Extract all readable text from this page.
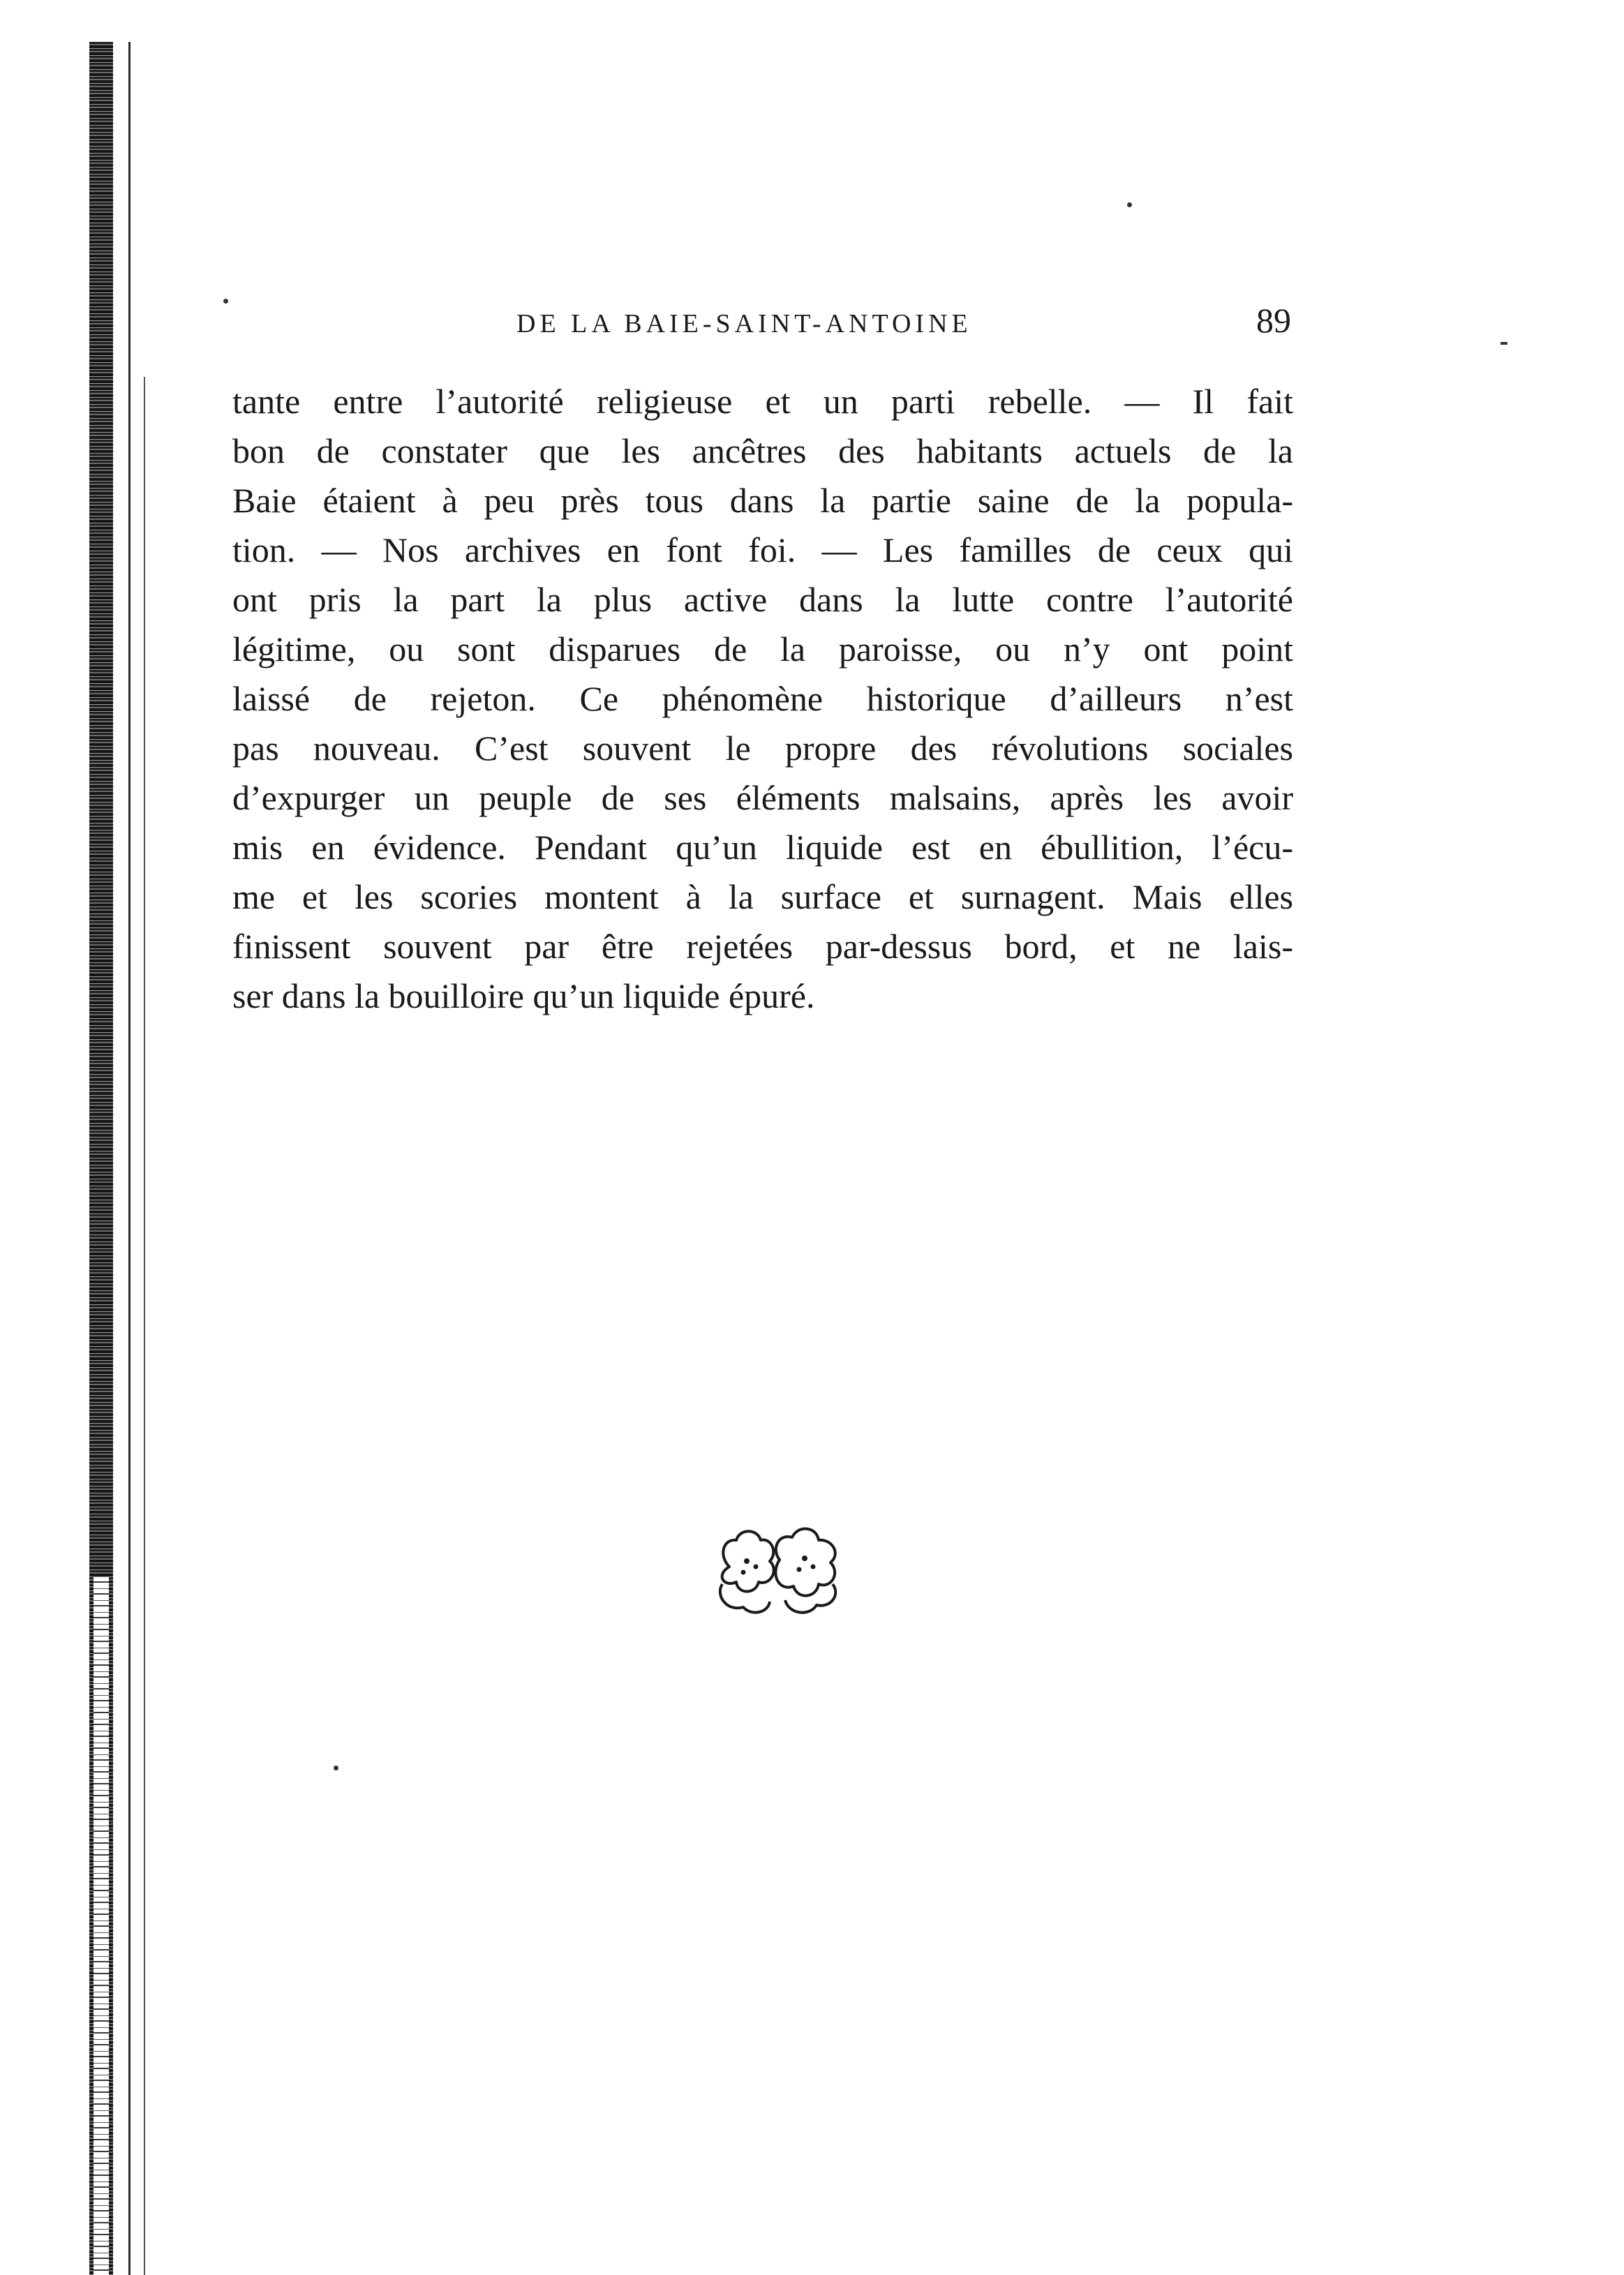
DE LA BAIE-SAINT-ANTOINE	89
tante entre l’autorité religieuse et un parti rebelle. — Il fait
bon de constater que les ancêtres des habitants actuels de la
Baie étaient à peu près tous dans la partie saine de la popula-
tion. — Nos archives en font foi. — Les familles de ceux qui
ont pris la part la plus active dans la lutte contre l’autorité
légitime, ou sont disparues de la paroisse, ou n’y ont point
laissé de rejeton. Ce phénomène historique d’ailleurs n’est
pas nouveau. C’est souvent le propre des révolutions sociales
d’expurger un peuple de ses éléments malsains, après les avoir
mis en évidence. Pendant qu’un liquide est en ébullition, l’écu-
me et les scories montent à la surface et surnagent. Mais elles
finissent souvent par être rejetées par-dessus bord, et ne lais-
ser dans la bouilloire qu’un liquide épuré.
